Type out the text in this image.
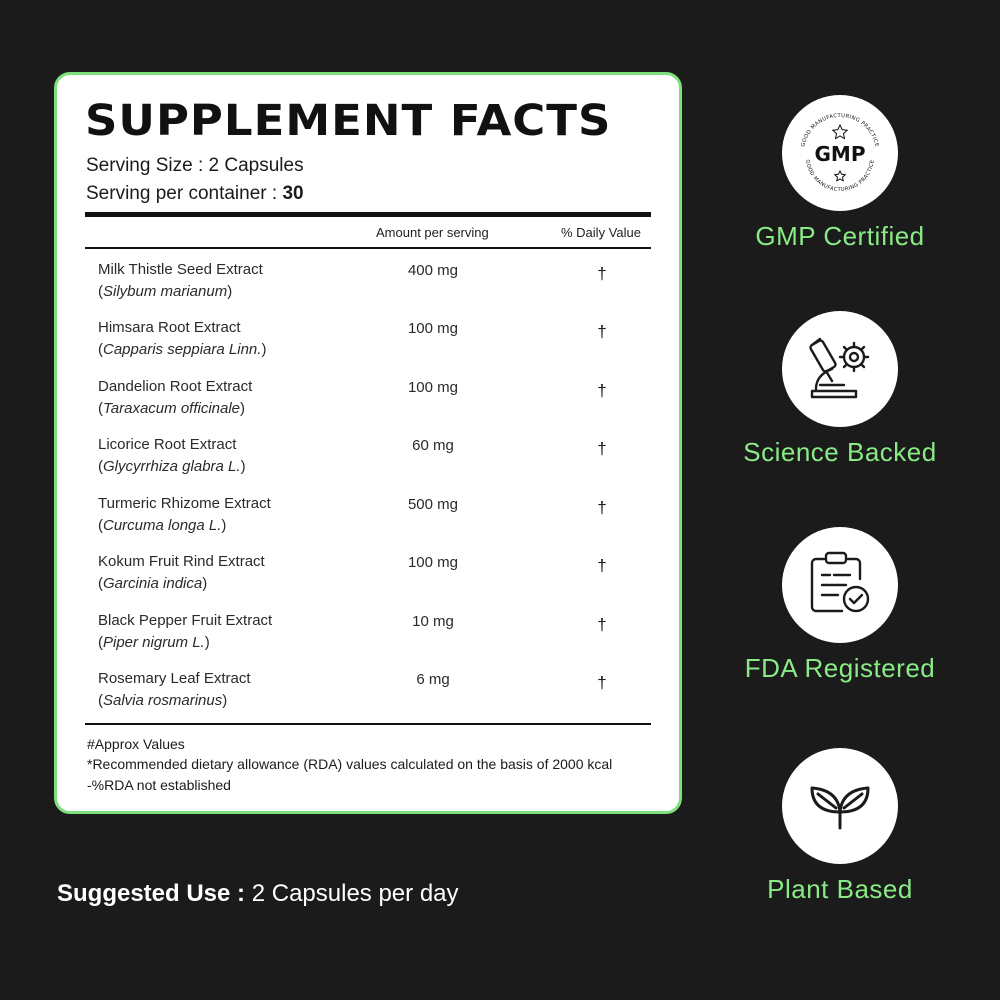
SUPPLEMENT FACTS
Serving Size : 2 Capsules
Serving per container : 30
Amount per serving	% Daily Value
Milk Thistle Seed Extract
(Silybum marianum)
400 mg	†
Himsara Root Extract
(Capparis seppiara Linn.)
100 mg	†
Dandelion Root Extract
(Taraxacum officinale)
100 mg	†
Licorice Root Extract
(Glycyrrhiza glabra L.)
60 mg	†
Turmeric Rhizome Extract
(Curcuma longa L.)
500 mg	†
Kokum Fruit Rind Extract
(Garcinia indica)
100 mg	†
Black Pepper Fruit Extract
(Piper nigrum L.)
10 mg	†
Rosemary Leaf Extract
(Salvia rosmarinus)
6 mg	†
#Approx Values
*Recommended dietary allowance (RDA) values calculated on the basis of 2000 kcal
-%RDA not established
Suggested Use : 2 Capsules per day
GOOD MANUFACTURING PRACTICE
GOOD MANUFACTURING PRACTICE
GMP
GMP Certified
Science Backed
FDA Registered
Plant Based
